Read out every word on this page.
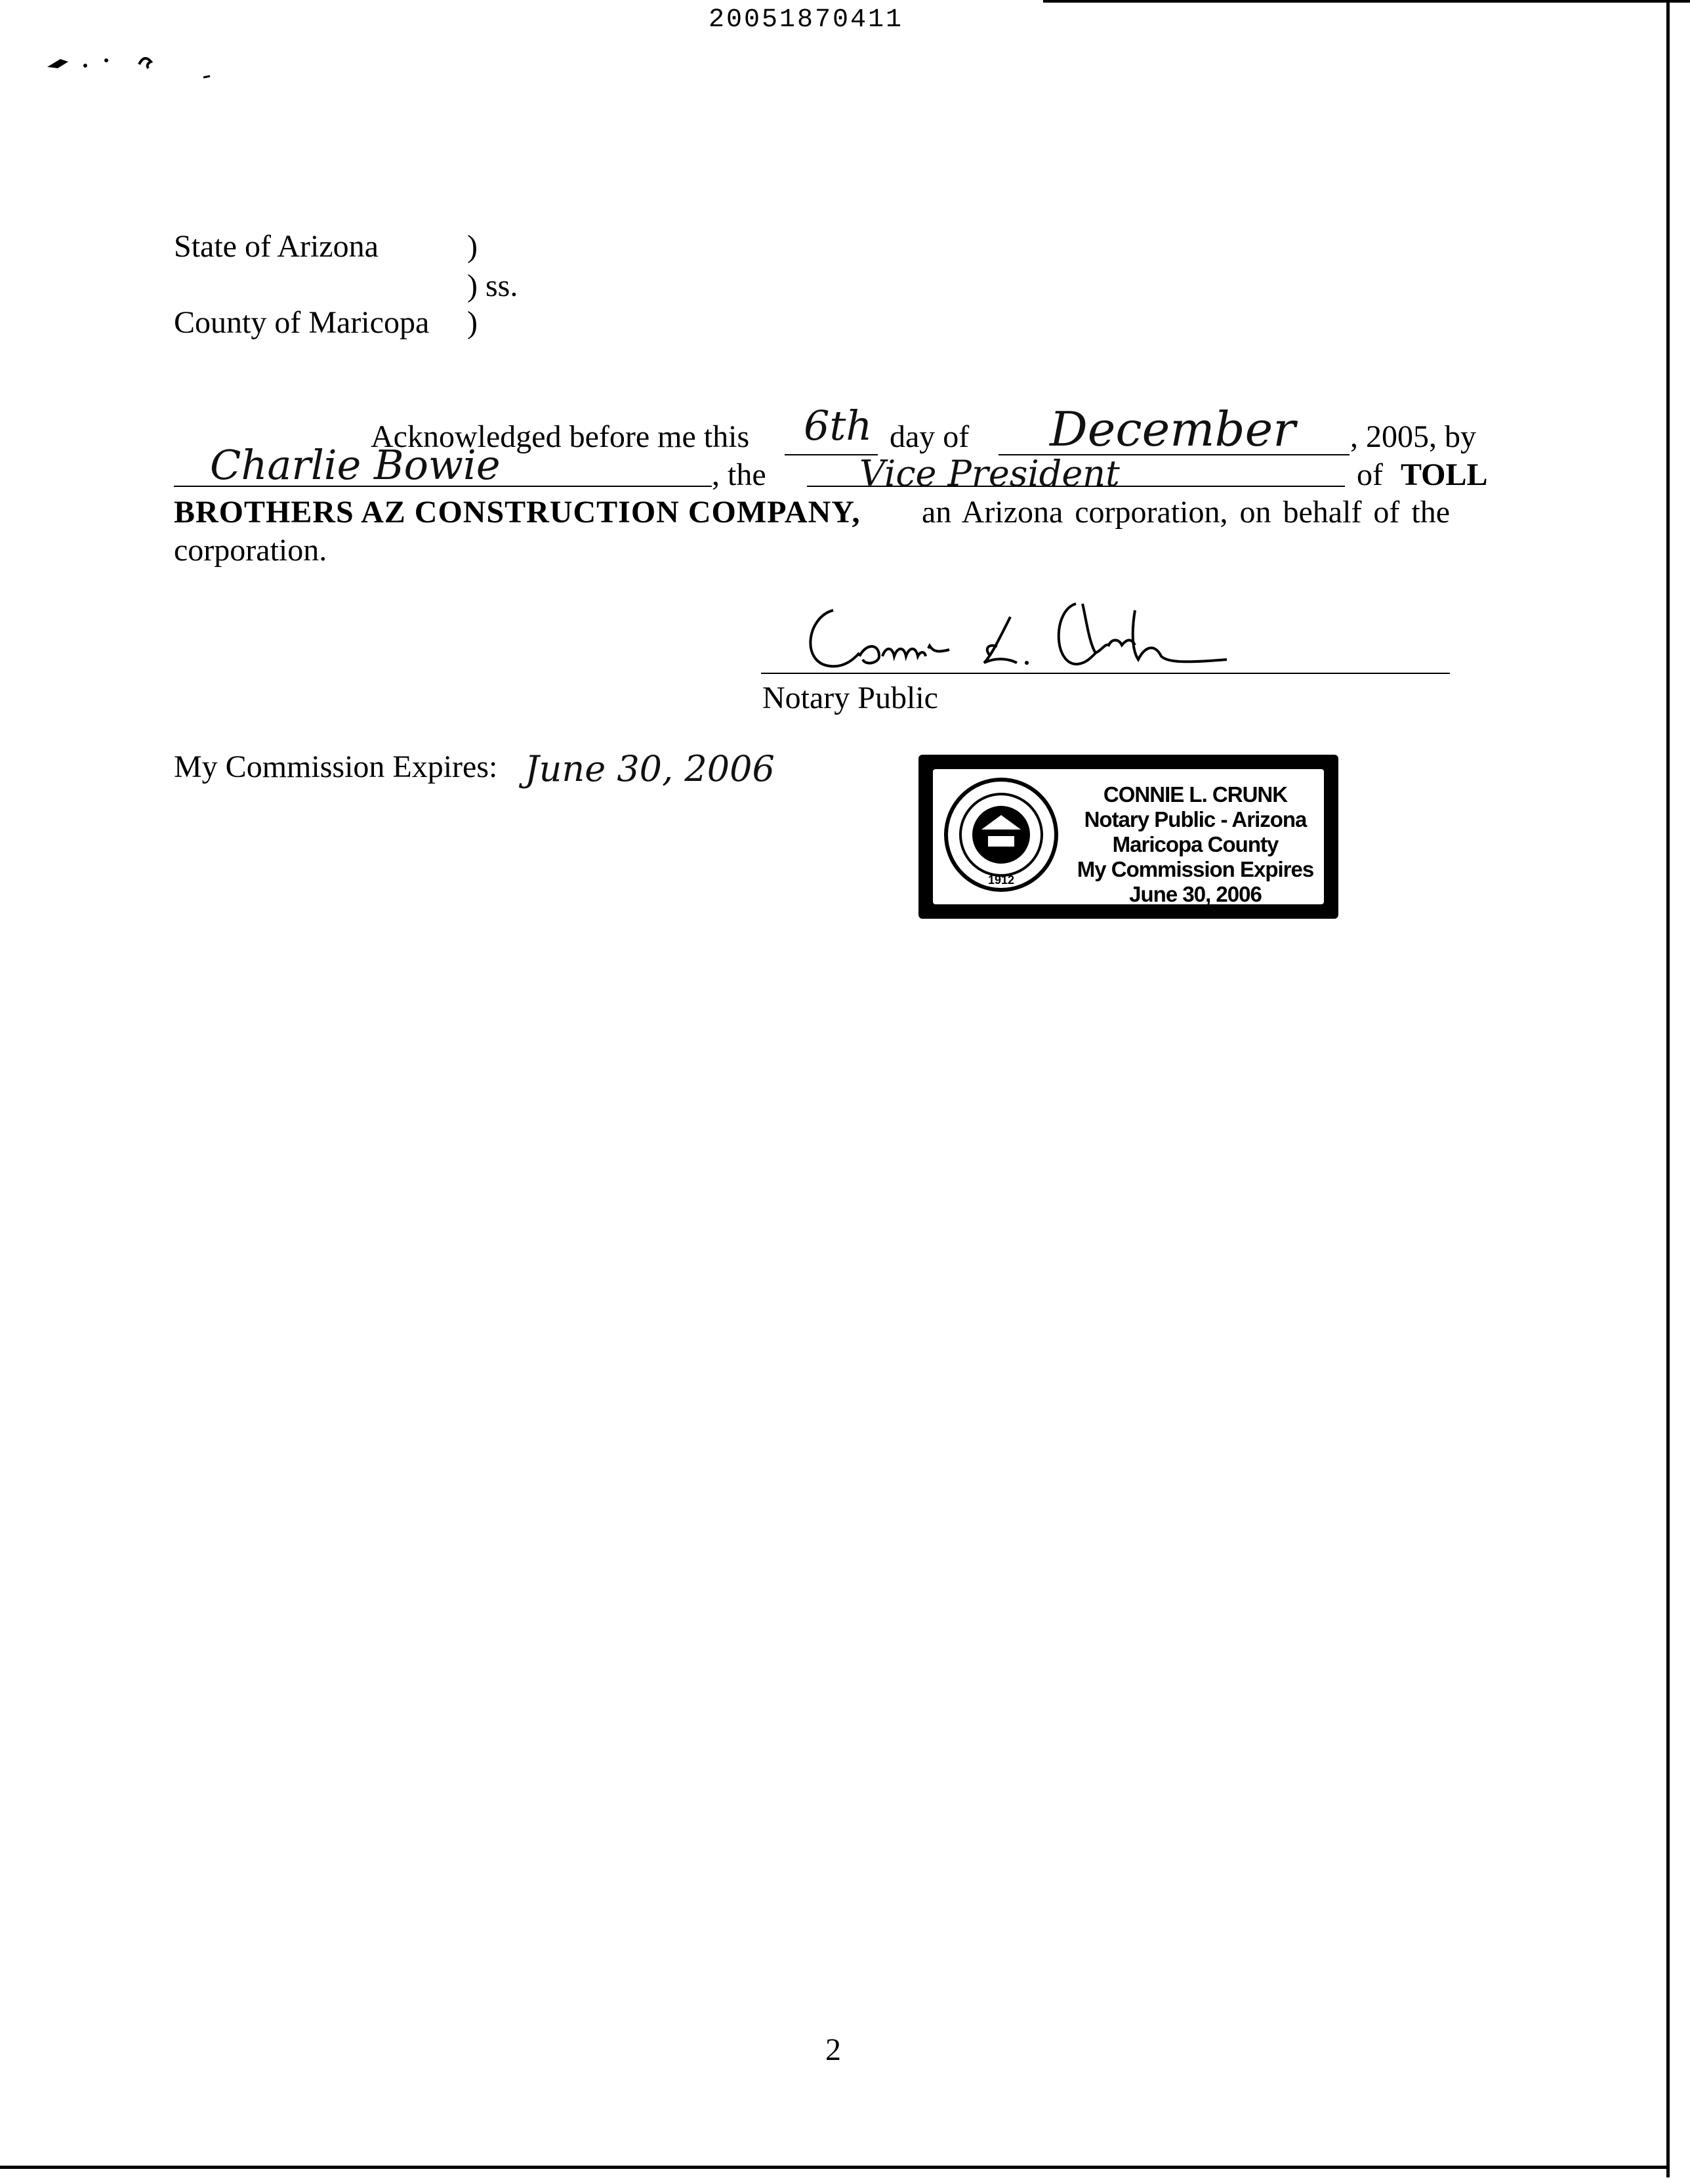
20051870411
State of Arizona	)
) ss.
County of Maricopa )
Acknowledged before me this 6th day of December , 2005, by
Charlie Bowie	, the	Vice President	of TOLL
BROTHERS AZ CONSTRUCTION COMPANY, an Arizona corporation, on behalf of the
corporation.
Notary Public
My Commission Expires: June 30, 2006
1912
CONNIE L. CRUNK
Notary Public - Arizona
Maricopa County
My Commission Expires
June 30, 2006
2
